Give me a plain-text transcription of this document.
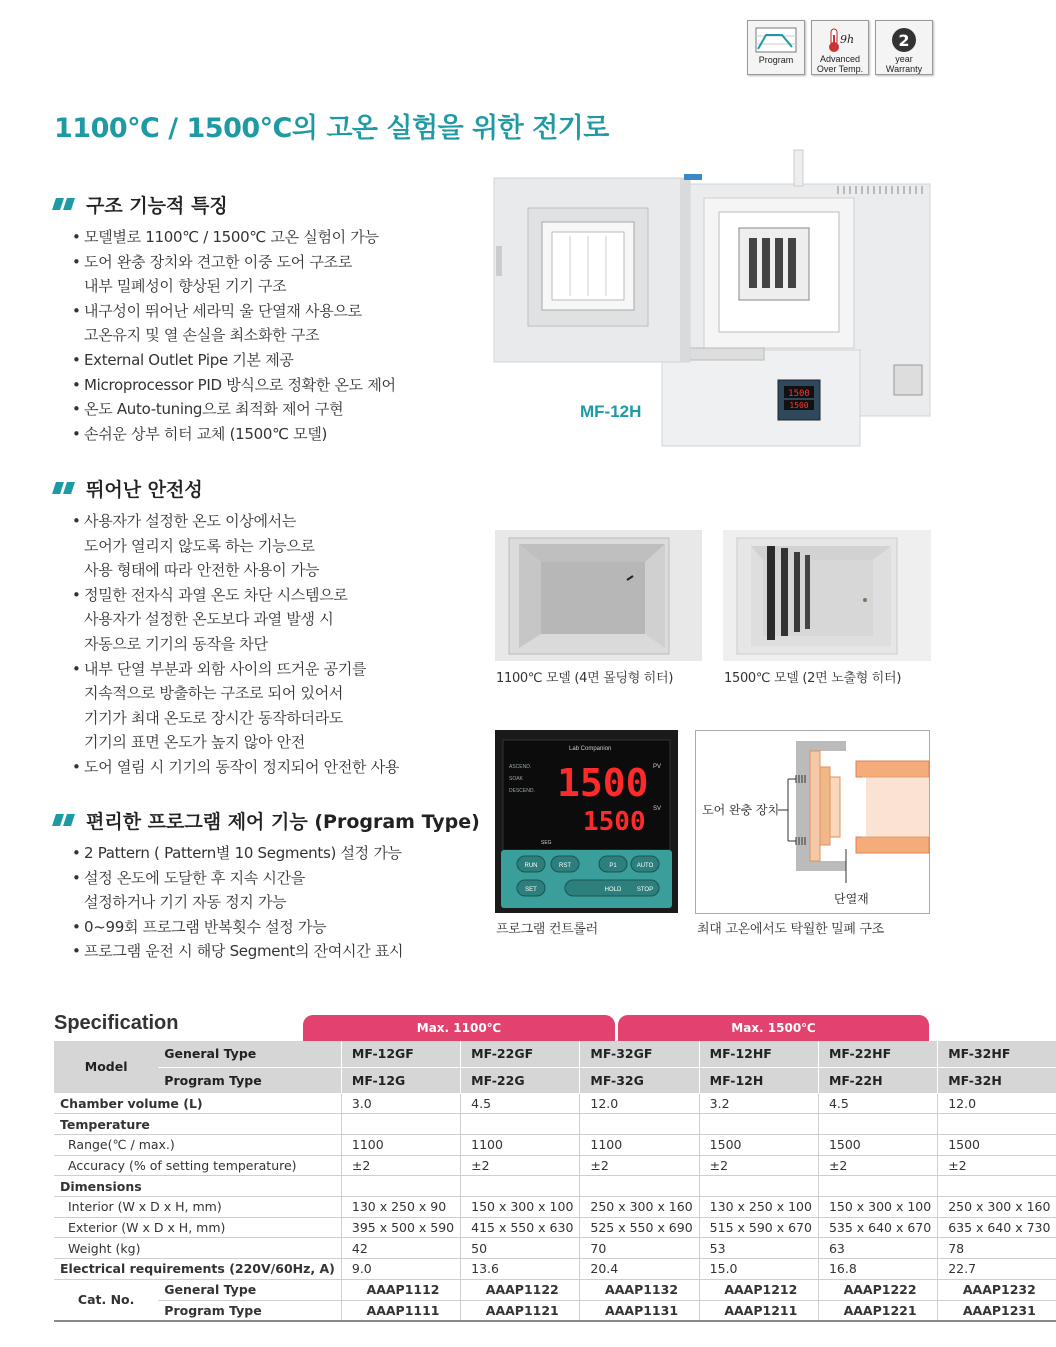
Program
9h
Advanced Over Temp.
2
year Warranty
1100℃ / 1500℃의 고온 실험을 위한 전기로
구조 기능적 특징
• 모델별로 1100℃ / 1500℃ 고온 실험이 가능
• 도어 완충 장치와 견고한 이중 도어 구조로
내부 밀폐성이 향상된 기기 구조
• 내구성이 뛰어난 세라믹 울 단열재 사용으로
고온유지 및 열 손실을 최소화한 구조
• External Outlet Pipe 기본 제공
• Microprocessor PID 방식으로 정확한 온도 제어
• 온도 Auto-tuning으로 최적화 제어 구현
• 손쉬운 상부 히터 교체 (1500℃ 모델)
뛰어난 안전성
• 사용자가 설정한 온도 이상에서는
도어가 열리지 않도록 하는 기능으로
사용 형태에 따라 안전한 사용이 가능
• 정밀한 전자식 과열 온도 차단 시스템으로
사용자가 설정한 온도보다 과열 발생 시
자동으로 기기의 동작을 차단
• 내부 단열 부분과 외함 사이의 뜨거운 공기를
지속적으로 방출하는 구조로 되어 있어서
기기가 최대 온도로 장시간 동작하더라도
기기의 표면 온도가 높지 않아 안전
• 도어 열림 시 기기의 동작이 정지되어 안전한 사용
편리한 프로그램 제어 기능 (Program Type)
• 2 Pattern ( Pattern별 10 Segments) 설정 가능
• 설정 온도에 도달한 후 지속 시간을
설정하거나 기기 자동 정지 가능
• 0~99회 프로그램 반복횟수 설정 가능
• 프로그램 운전 시 해당 Segment의 잔여시간 표시
1500
1500
MF-12H
1100℃ 모델 (4면 몰딩형 히터)	1500℃ 모델 (2면 노출형 히터)
Lab Companion
ASCEND.
SOAK
DESCEND. 1500 PV
1500 SV
SEG
RUN	RST	P1	AUTO
SET	HOLD	STOP
프로그램 컨트롤러
도어 완충 장치
단열재
최대 고온에서도 탁월한 밀폐 구조
Specification	Max. 1100℃	Max. 1500℃
Model	General Type	MF-12GF	MF-22GF	MF-32GF	MF-12HF	MF-22HF	MF-32HF
	Program Type	MF-12G	MF-22G	MF-32G	MF-12H	MF-22H	MF-32H
Chamber volume (L)		3.0	4.5	12.0	3.2	4.5	12.0
Temperature							
Range(℃ / max.)		1100	1100	1100	1500	1500	1500
Accuracy (% of setting temperature)		±2	±2	±2	±2	±2	±2
Dimensions							
Interior (W x D x H, mm)		130 x 250 x 90	150 x 300 x 100	250 x 300 x 160	130 x 250 x 100	150 x 300 x 100	250 x 300 x 160
Exterior (W x D x H, mm)		395 x 500 x 590	415 x 550 x 630	525 x 550 x 690	515 x 590 x 670	535 x 640 x 670	635 x 640 x 730
Weight (kg)		42	50	70	53	63	78
Electrical requirements (220V/60Hz, A)		9.0	13.6	20.4	15.0	16.8	22.7
Cat. No.	General Type	AAAP1112	AAAP1122	AAAP1132	AAAP1212	AAAP1222	AAAP1232
	Program Type	AAAP1111	AAAP1121	AAAP1131	AAAP1211	AAAP1221	AAAP1231
